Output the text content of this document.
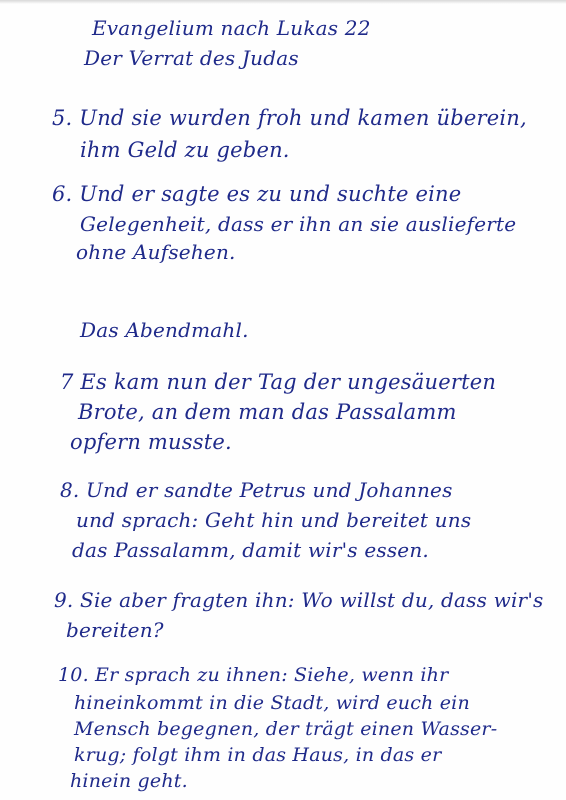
Evangelium nach Lukas 22
Der Verrat des Judas
5. Und sie wurden froh und kamen überein,
ihm Geld zu geben.
6. Und er sagte es zu und suchte eine
Gelegenheit, dass er ihn an sie auslieferte
ohne Aufsehen.
Das Abendmahl.
7 Es kam nun der Tag der ungesäuerten
Brote, an dem man das Passalamm
opfern musste.
8. Und er sandte Petrus und Johannes
und sprach: Geht hin und bereitet uns
das Passalamm, damit wir's essen.
9. Sie aber fragten ihn: Wo willst du, dass wir's
bereiten?
10. Er sprach zu ihnen: Siehe, wenn ihr
hineinkommt in die Stadt, wird euch ein
Mensch begegnen, der trägt einen Wasser-
krug; folgt ihm in das Haus, in das er
hinein geht.
